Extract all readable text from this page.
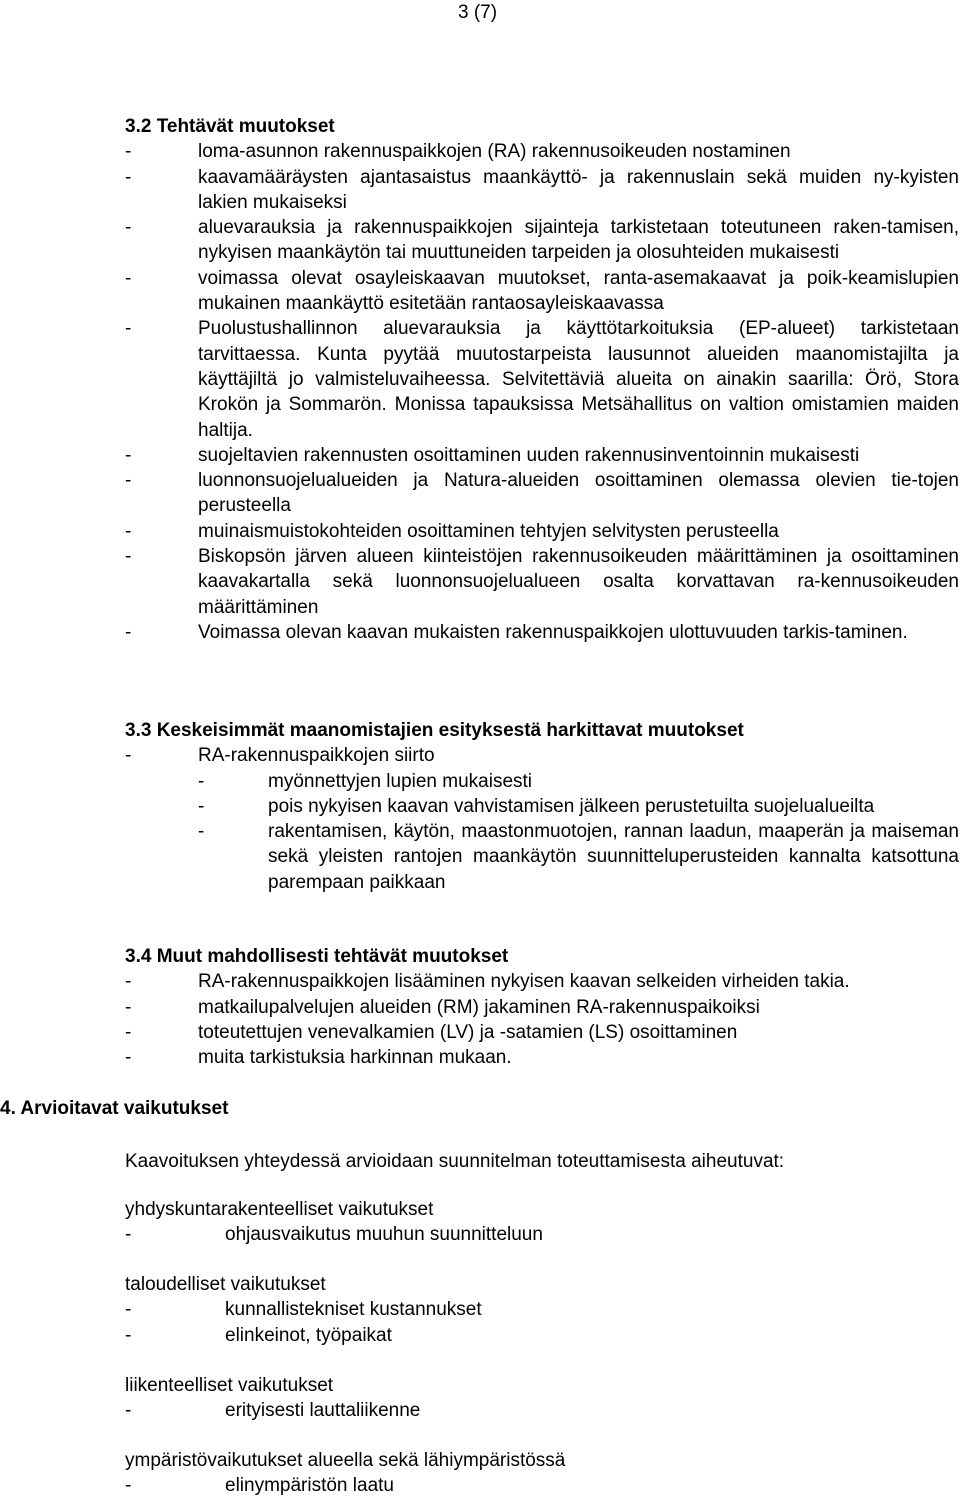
3 (7)
3.2 Tehtävät muutokset
-	loma-asunnon rakennuspaikkojen (RA) rakennusoikeuden nostaminen
-	kaavamääräysten ajantasaistus maankäyttö- ja rakennuslain sekä muiden ny-kyisten lakien mukaiseksi
-	aluevarauksia ja rakennuspaikkojen sijainteja tarkistetaan toteutuneen raken-tamisen, nykyisen maankäytön tai muuttuneiden tarpeiden ja olosuhteiden mukaisesti
-	voimassa olevat osayleiskaavan muutokset, ranta-asemakaavat ja poik-keamislupien mukainen maankäyttö esitetään rantaosayleiskaavassa
-	Puolustushallinnon aluevarauksia ja käyttötarkoituksia (EP-alueet) tarkistetaan tarvittaessa. Kunta pyytää muutostarpeista lausunnot alueiden maanomistajilta ja käyttäjiltä jo valmisteluvaiheessa. Selvitettäviä alueita on ainakin saarilla: Örö, Stora Krokön ja Sommarön. Monissa tapauksissa Metsähallitus on valtion omistamien maiden haltija.
-	suojeltavien rakennusten osoittaminen uuden rakennusinventoinnin mukaisesti
-	luonnonsuojelualueiden ja Natura-alueiden osoittaminen olemassa olevien tie-tojen perusteella
-	muinaismuistokohteiden osoittaminen tehtyjen selvitysten perusteella
-	Biskopsön järven alueen kiinteistöjen rakennusoikeuden määrittäminen ja osoittaminen kaavakartalla sekä luonnonsuojelualueen osalta korvattavan ra-kennusoikeuden määrittäminen
-	Voimassa olevan kaavan mukaisten rakennuspaikkojen ulottuvuuden tarkis-taminen.
3.3 Keskeisimmät maanomistajien esityksestä harkittavat muutokset
-	RA-rakennuspaikkojen siirto
-	myönnettyjen lupien mukaisesti
-	pois nykyisen kaavan vahvistamisen jälkeen perustetuilta suojelualueilta
-	rakentamisen, käytön, maastonmuotojen, rannan laadun, maaperän ja maiseman sekä yleisten rantojen maankäytön suunnitteluperusteiden kannalta katsottuna parempaan paikkaan
3.4 Muut mahdollisesti tehtävät muutokset
-	RA-rakennuspaikkojen lisääminen nykyisen kaavan selkeiden virheiden takia.
-	matkailupalvelujen alueiden (RM) jakaminen RA-rakennuspaikoiksi
-	toteutettujen venevalkamien (LV) ja -satamien (LS) osoittaminen
-	muita tarkistuksia harkinnan mukaan.
4. Arvioitavat vaikutukset
Kaavoituksen yhteydessä arvioidaan suunnitelman toteuttamisesta aiheutuvat:
yhdyskuntarakenteelliset vaikutukset
-	ohjausvaikutus muuhun suunnitteluun
taloudelliset vaikutukset
-	kunnallistekniset kustannukset
-	elinkeinot, työpaikat
liikenteelliset vaikutukset
-	erityisesti lauttaliikenne
ympäristövaikutukset alueella sekä lähiympäristössä
-	elinympäristön laatu
